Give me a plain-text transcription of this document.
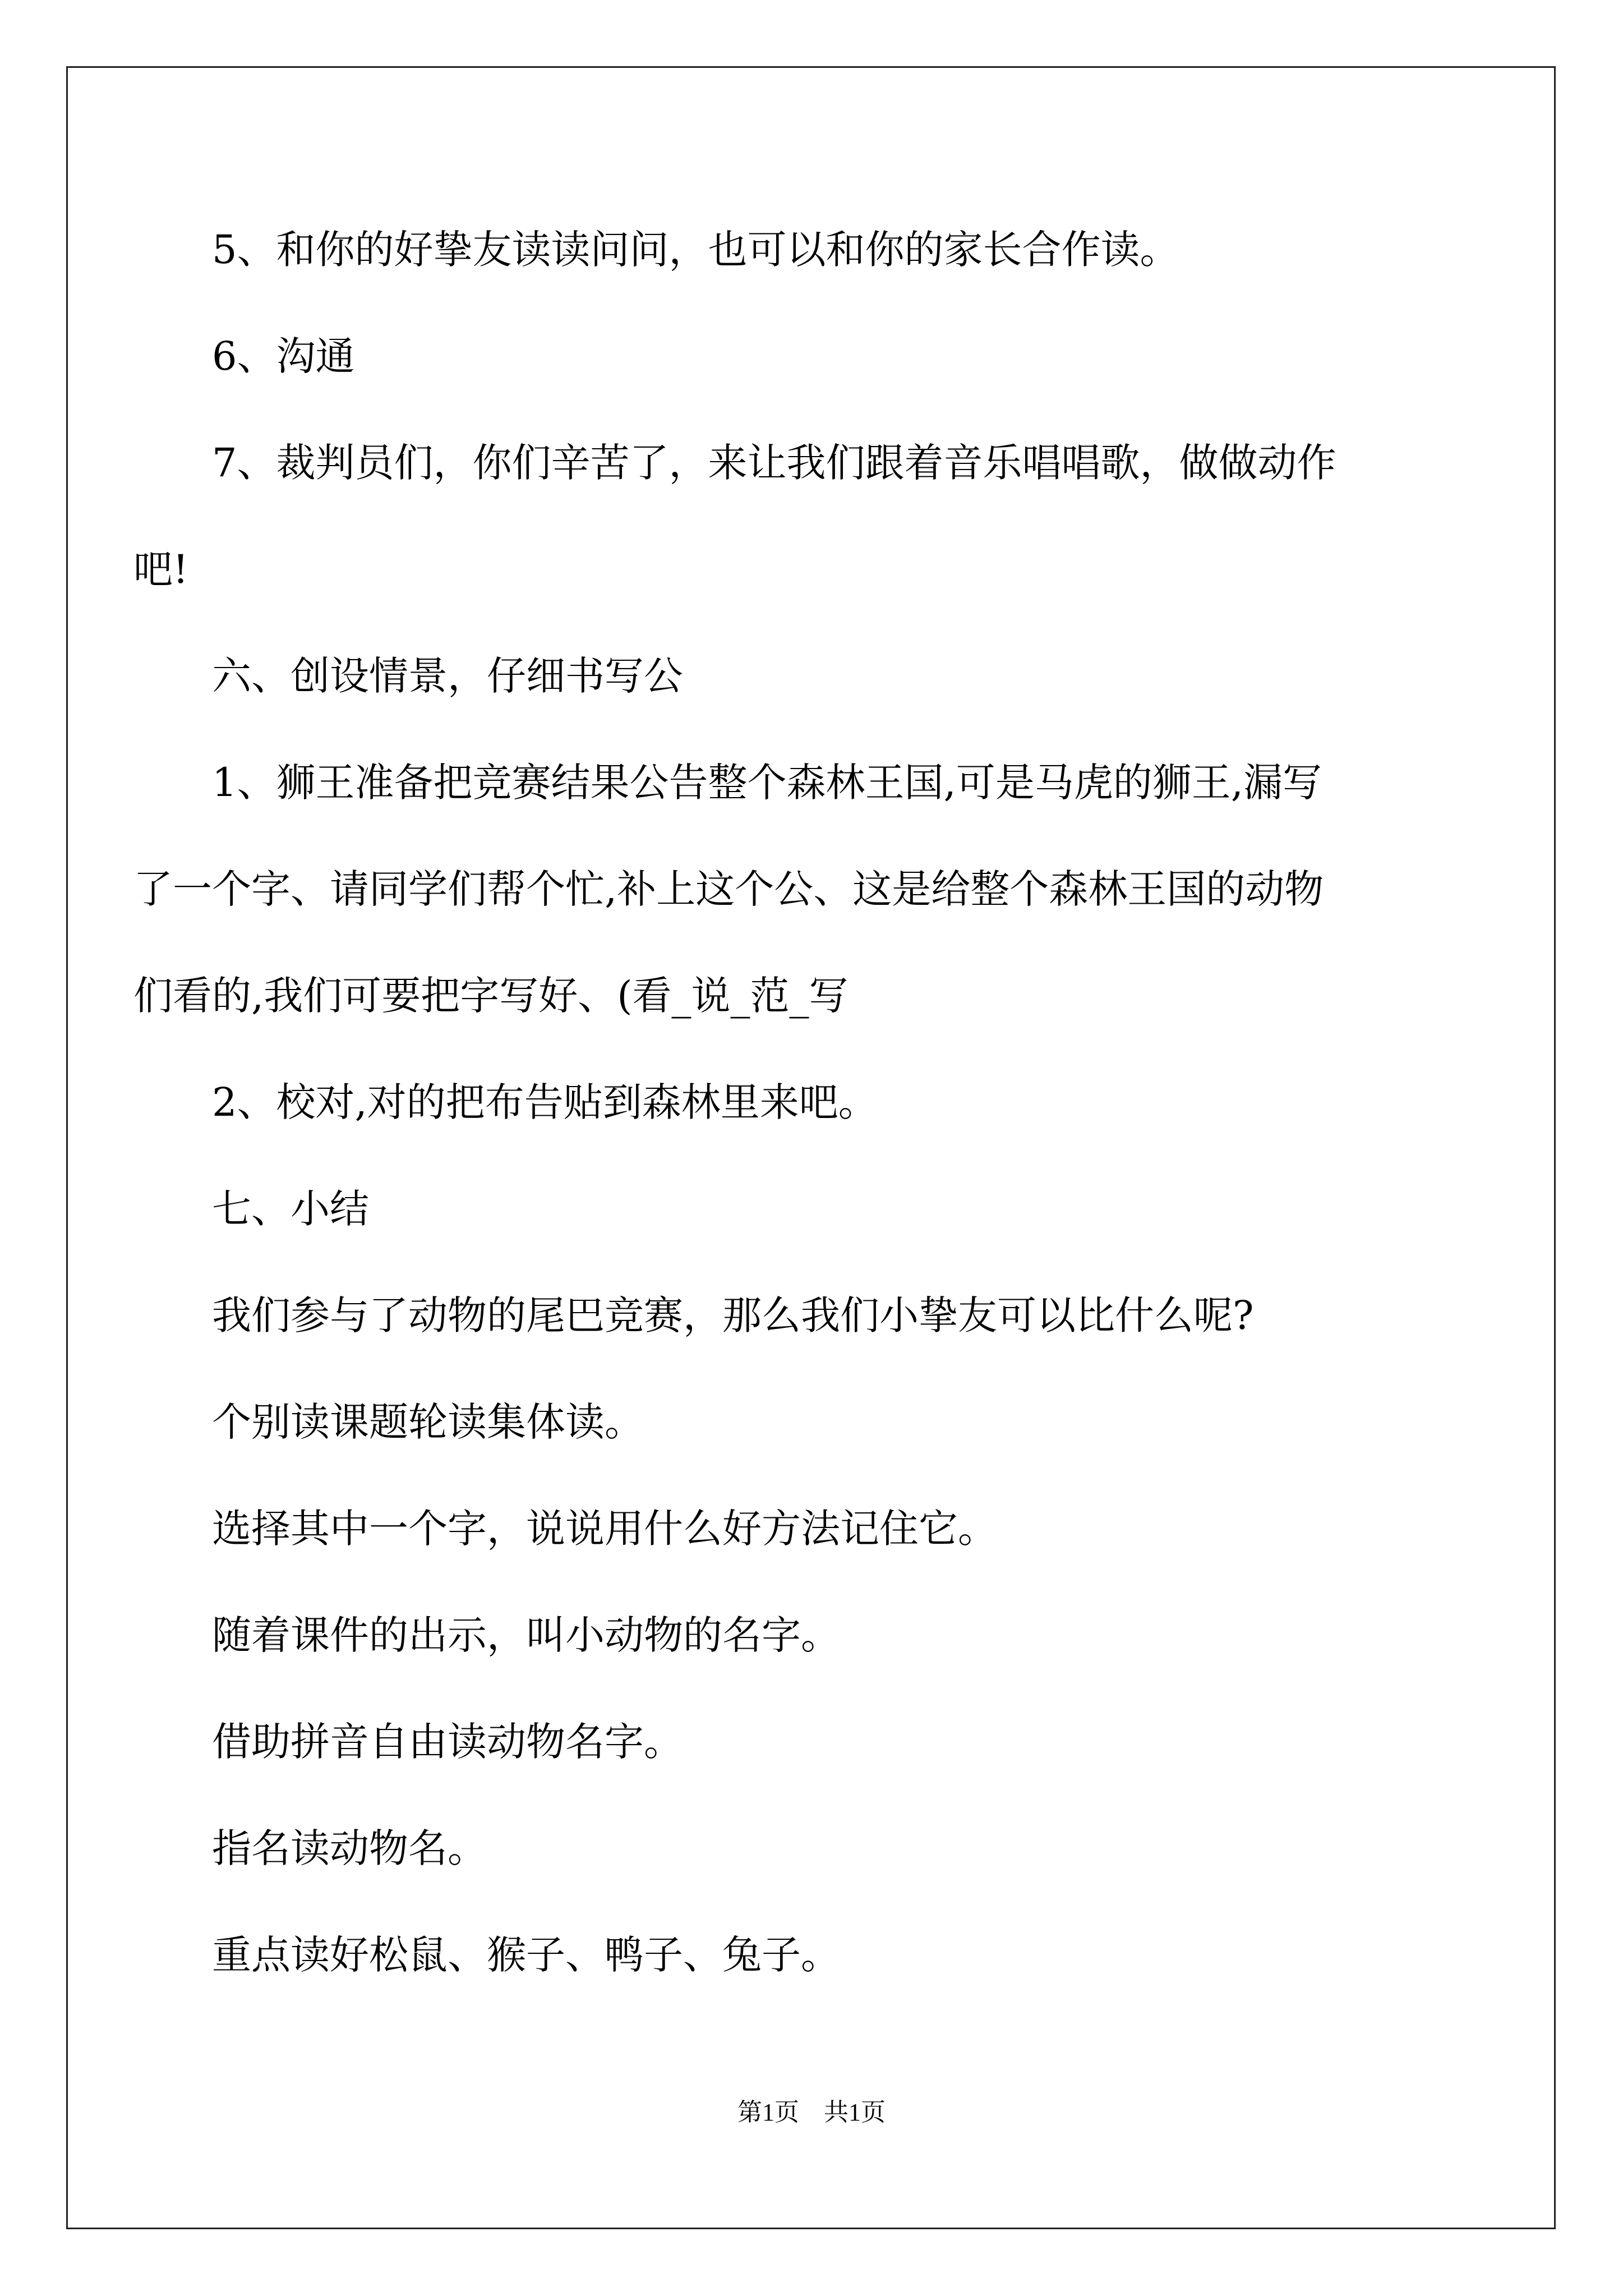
5、和你的好挚友读读问问，也可以和你的家长合作读。
6、沟通
7、裁判员们，你们辛苦了，来让我们跟着音乐唱唱歌，做做动作
吧!
六、创设情景，仔细书写公
1、狮王准备把竞赛结果公告整个森林王国,可是马虎的狮王,漏写
了一个字、请同学们帮个忙,补上这个公、这是给整个森林王国的动物
们看的,我们可要把字写好、(看_说_范_写
2、校对,对的把布告贴到森林里来吧。
七、小结
我们参与了动物的尾巴竞赛，那么我们小挚友可以比什么呢?
个别读课题轮读集体读。
选择其中一个字，说说用什么好方法记住它。
随着课件的出示，叫小动物的名字。
借助拼音自由读动物名字。
指名读动物名。
重点读好松鼠、猴子、鸭子、兔子。
第1页　共1页
